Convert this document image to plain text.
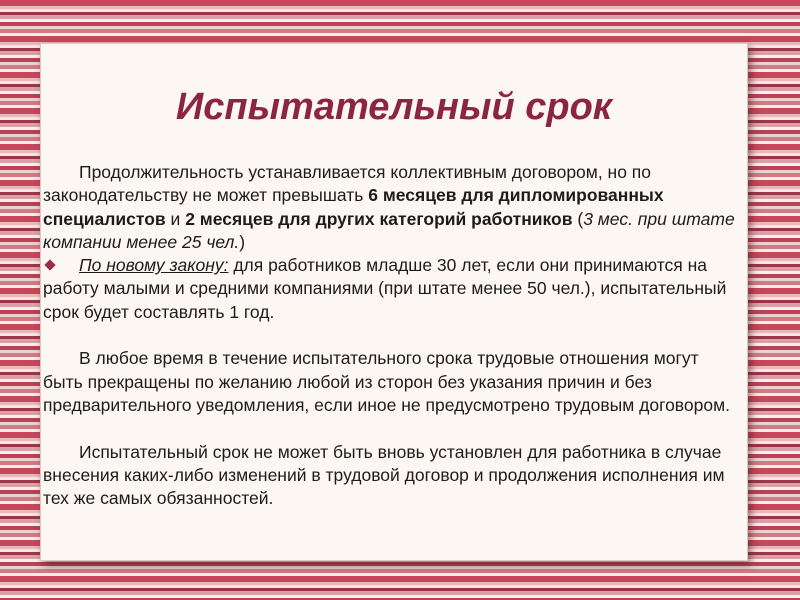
Испытательный срок

Продолжительность устанавливается коллективным договором, но по законодательству не может превышать 6 месяцев для дипломированных специалистов и 2 месяцев для других категорий работников (3 мес. при штате компании менее 25 чел.)

По новому закону: для работников младше 30 лет, если они принимаются на работу малыми и средними компаниями (при штате менее 50 чел.), испытательный срок будет составлять 1 год.

В любое время в течение испытательного срока трудовые отношения могут быть прекращены по желанию любой из сторон без указания причин и без предварительного уведомления, если иное не предусмотрено трудовым договором.

Испытательный срок не может быть вновь установлен для работника в случае внесения каких-либо изменений в трудовой договор и продолжения исполнения им тех же самых обязанностей.
